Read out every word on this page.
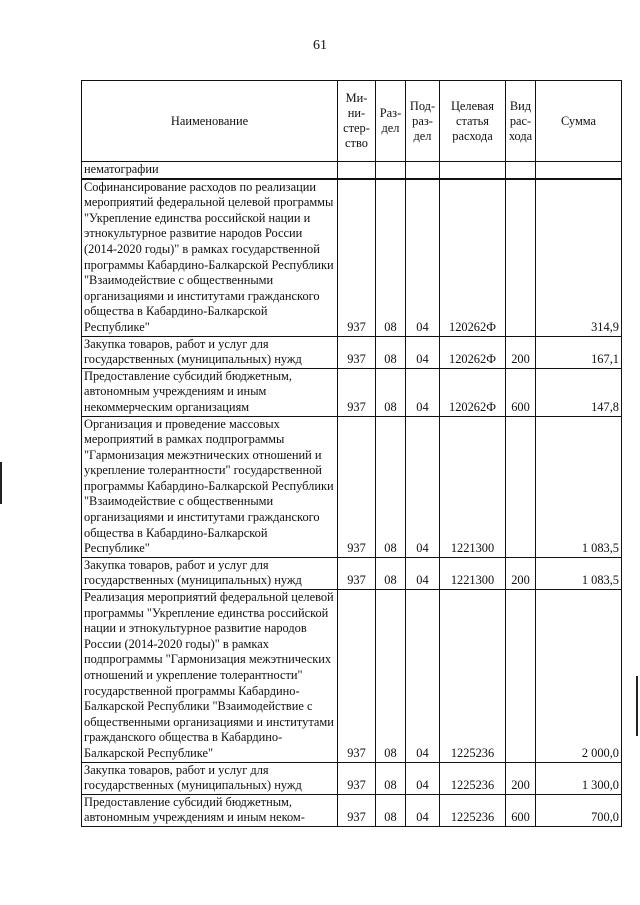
61
Наименование	Ми-ни-стер-ство	Раз-дел	Под-раз-дел	Целевая статья расхода	Вид рас-хода	Сумма
нематографии						
Софинансирование расходов по реализации мероприятий федеральной целевой программы "Укрепление единства российской нации и этнокультурное развитие народов России (2014-2020 годы)" в рамках государственной программы Кабардино-Балкарской Республики "Взаимодействие с общественными организациями и институтами гражданского общества в Кабардино-Балкарской Республике"	937	08	04	120262Ф		314,9
Закупка товаров, работ и услуг для государственных (муниципальных) нужд	937	08	04	120262Ф	200	167,1
Предоставление субсидий бюджетным, автономным учреждениям и иным некоммерческим организациям	937	08	04	120262Ф	600	147,8
Организация и проведение массовых мероприятий в рамках подпрограммы "Гармонизация межэтнических отношений и укрепление толерантности" государственной программы Кабардино-Балкарской Республики "Взаимодействие с общественными организациями и институтами гражданского общества в Кабардино-Балкарской Республике"	937	08	04	1221300		1 083,5
Закупка товаров, работ и услуг для государственных (муниципальных) нужд	937	08	04	1221300	200	1 083,5
Реализация мероприятий федеральной целевой программы "Укрепление единства российской нации и этнокультурное развитие народов России (2014-2020 годы)" в рамках подпрограммы "Гармонизация межэтнических отношений и укрепление толерантности" государственной программы Кабардино-Балкарской Республики "Взаимодействие с общественными организациями и институтами гражданского общества в Кабардино-Балкарской Республике"	937	08	04	1225236		2 000,0
Закупка товаров, работ и услуг для государственных (муниципальных) нужд	937	08	04	1225236	200	1 300,0
Предоставление субсидий бюджетным, автономным учреждениям и иным неком-	937	08	04	1225236	600	700,0
